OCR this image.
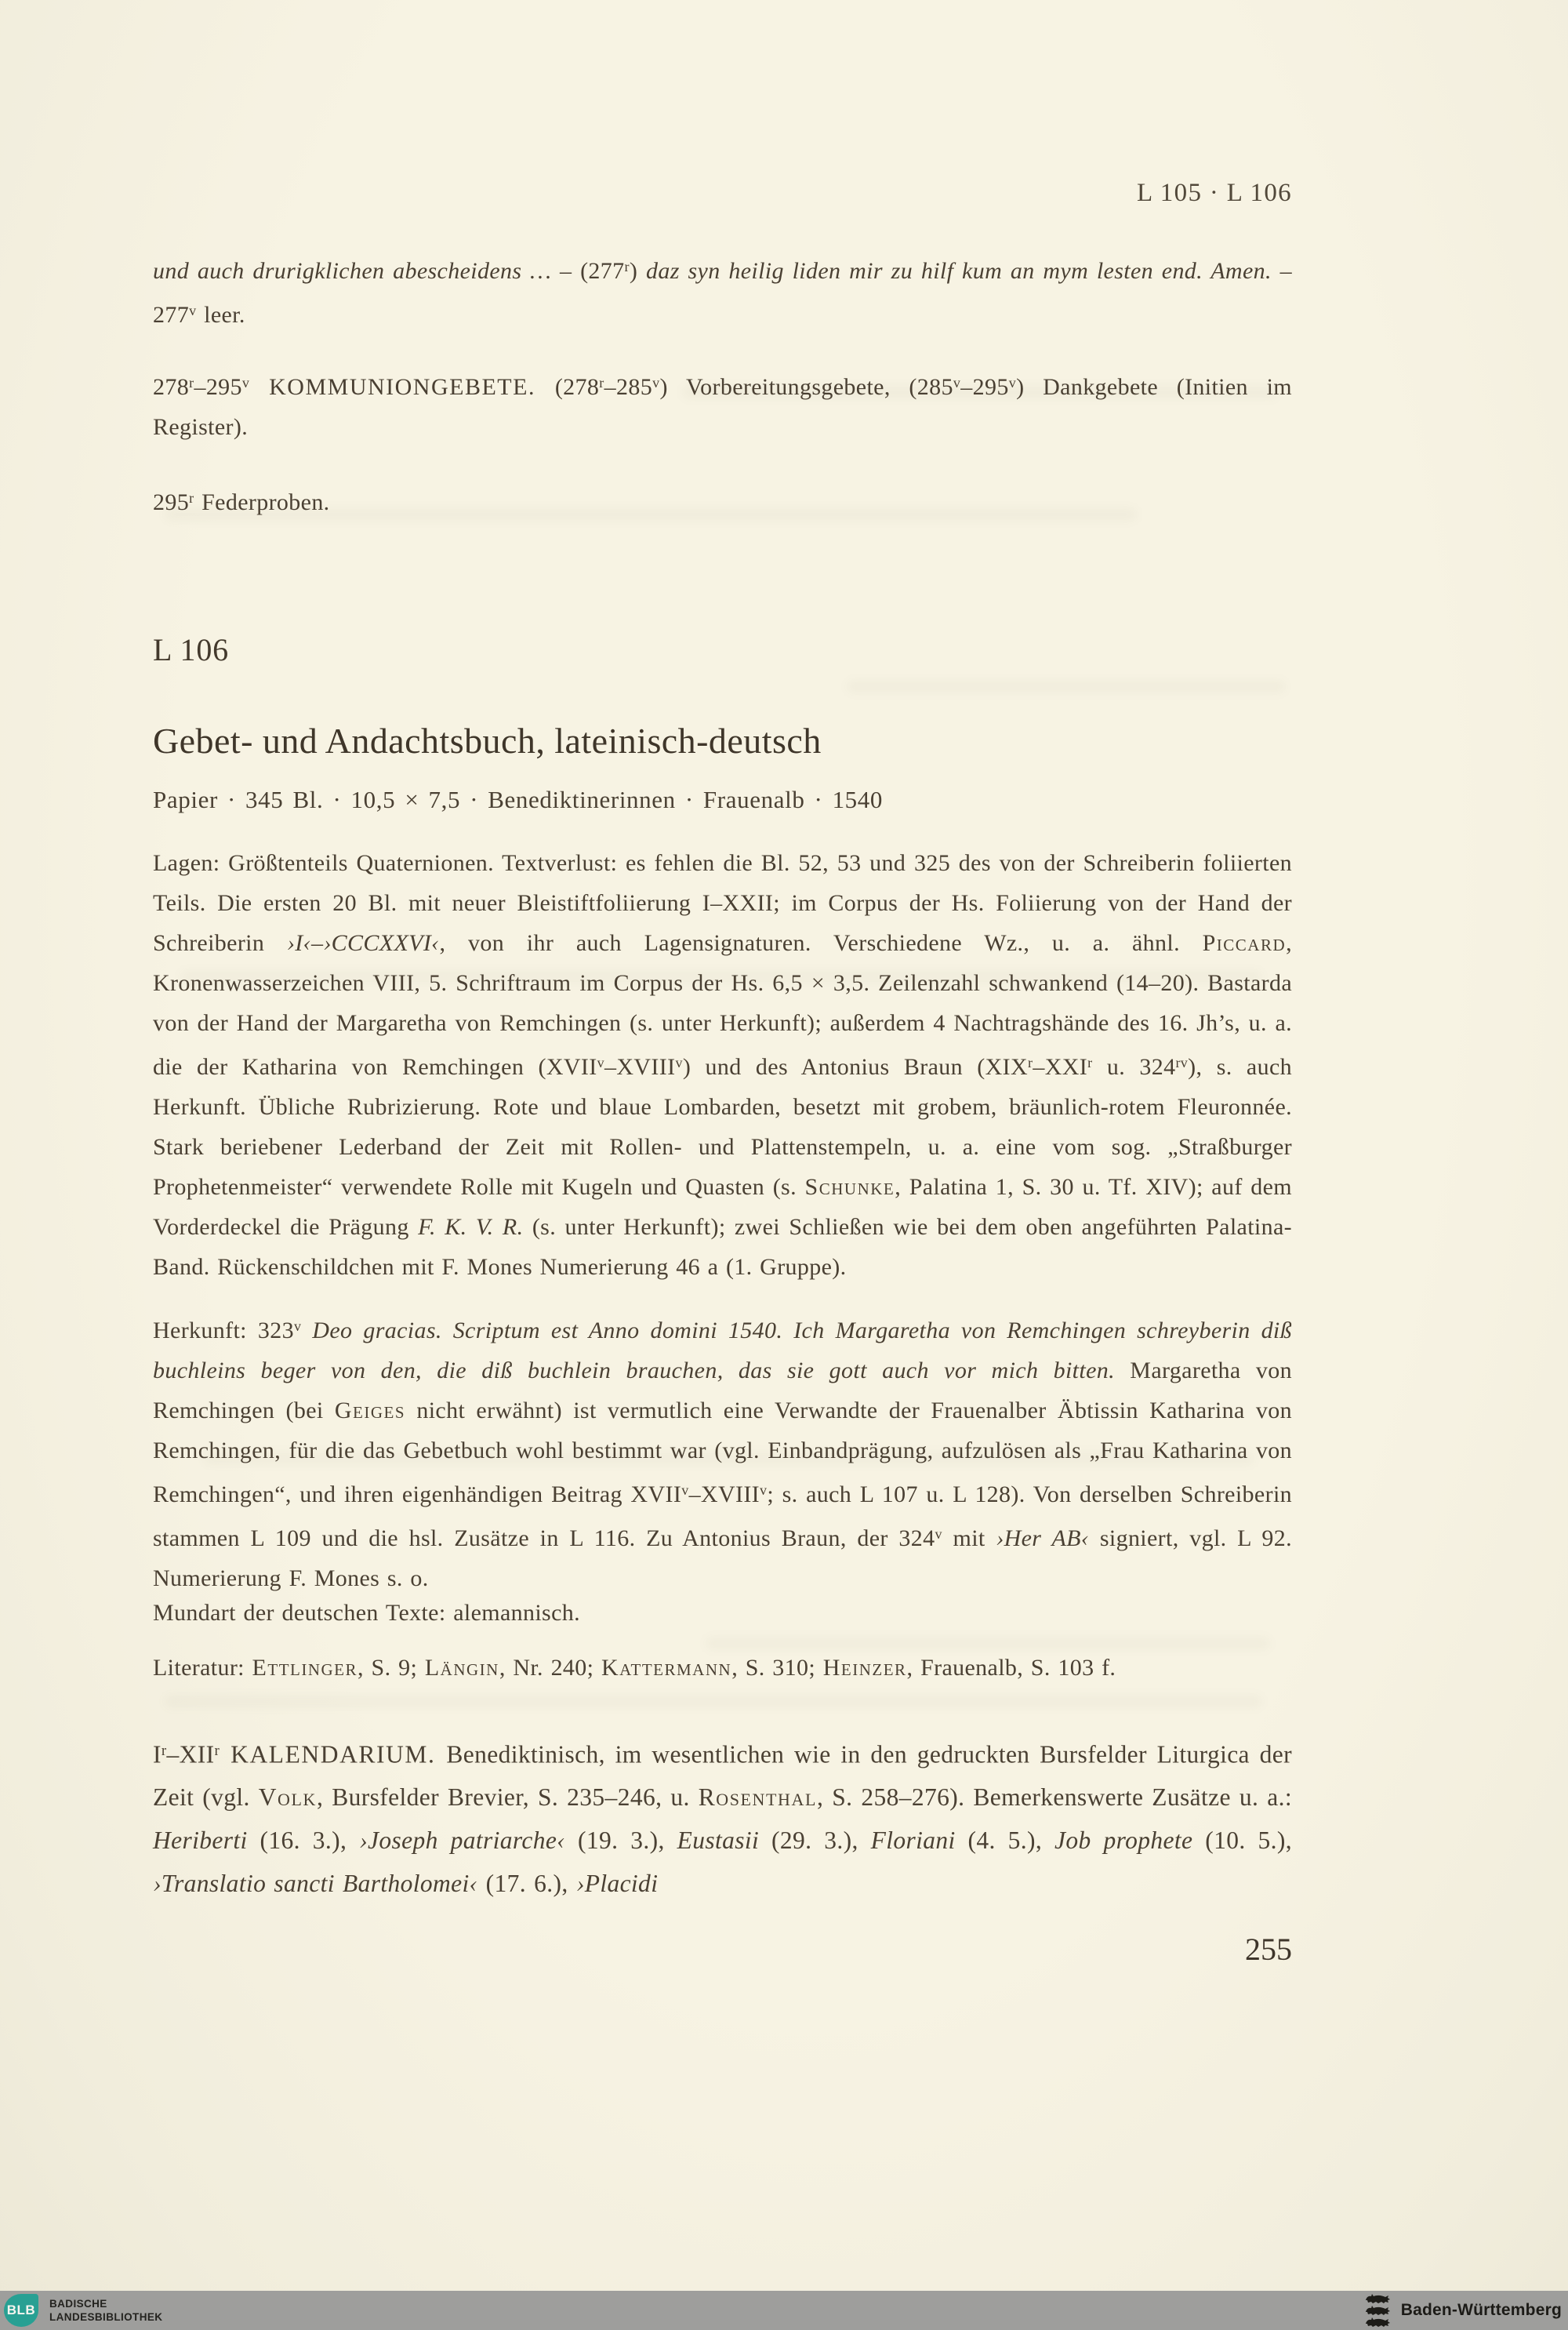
L 105 · L 106

und auch drurigklichen abescheidens … – (277$^r$) daz syn heilig liden mir zu hilf kum an mym lesten end. Amen. – 277$^v$ leer.

278$^r$–295$^v$ KOMMUNIONGEBETE. (278$^r$–285$^v$) Vorbereitungsgebete, (285$^v$–295$^v$) Dankgebete (Initien im Register).

295$^r$ Federproben.

L 106
Gebet- und Andachtsbuch, lateinisch-deutsch
Papier · 345 Bl. · 10,5 × 7,5 · Benediktinerinnen · Frauenalb · 1540

Lagen: Größtenteils Quaternionen. Textverlust: es fehlen die Bl. 52, 53 und 325 des von der Schreiberin foliierten Teils. Die ersten 20 Bl. mit neuer Bleistiftfoliierung I–XXII; im Corpus der Hs. Foliierung von der Hand der Schreiberin ›I‹–›CCCXXVI‹, von ihr auch Lagensignaturen. Verschiedene Wz., u. a. ähnl. Piccard, Kronenwasserzeichen VIII, 5. Schriftraum im Corpus der Hs. 6,5 × 3,5. Zeilenzahl schwankend (14–20). Bastarda von der Hand der Margaretha von Remchingen (s. unter Herkunft); außerdem 4 Nachtragshände des 16. Jh’s, u. a. die der Katharina von Remchingen (XVII$^v$–XVIII$^v$) und des Antonius Braun (XIX$^r$–XXI$^r$ u. $324^{rv}$), s. auch Herkunft. Übliche Rubrizierung. Rote und blaue Lombarden, besetzt mit grobem, bräunlich-rotem Fleuronnée. Stark beriebener Lederband der Zeit mit Rollen- und Plattenstempeln, u. a. eine vom sog. „Straßburger Prophetenmeister“ verwendete Rolle mit Kugeln und Quasten (s. Schunke, Palatina 1, S. 30 u. Tf. XIV); auf dem Vorderdeckel die Prägung F. K. V. R. (s. unter Herkunft); zwei Schließen wie bei dem oben angeführten Palatina-Band. Rückenschildchen mit F. Mones Numerierung 46 a (1. Gruppe).

Herkunft: 323$^v$ Deo gracias. Scriptum est Anno domini 1540. Ich Margaretha von Remchingen schreyberin diß buchleins beger von den, die diß buchlein brauchen, das sie gott auch vor mich bitten. Margaretha von Remchingen (bei Geiges nicht erwähnt) ist vermutlich eine Verwandte der Frauenalber Äbtissin Katharina von Remchingen, für die das Gebetbuch wohl bestimmt war (vgl. Einbandprägung, aufzulösen als „Frau Katharina von Remchingen“, und ihren eigenhändigen Beitrag XVII$^v$–XVIII$^v$; s. auch L 107 u. L 128). Von derselben Schreiberin stammen L 109 und die hsl. Zusätze in L 116. Zu Antonius Braun, der 324$^v$ mit ›Her AB‹ signiert, vgl. L 92. Numerierung F. Mones s. o.

Mundart der deutschen Texte: alemannisch.

Literatur: Ettlinger, S. 9; Längin, Nr. 240; Kattermann, S. 310; Heinzer, Frauenalb, S. 103 f.

$I^r-XII^r$ KALENDARIUM. Benediktinisch, im wesentlichen wie in den gedruckten Bursfelder Liturgica der Zeit (vgl. Volk, Bursfelder Brevier, S. 235–246, u. Rosenthal, S. 258–276). Bemerkenswerte Zusätze u. a.: Heriberti (16. 3.), ›Joseph patriarche‹ (19. 3.), Eustasii (29. 3.), Floriani (4. 5.), Job prophete (10. 5.), ›Translatio sancti Bartholomei‹ (17. 6.), ›Placidi

255
BLB BADISCHE
LANDESBIBLIOTHEK	Baden-Württemberg
